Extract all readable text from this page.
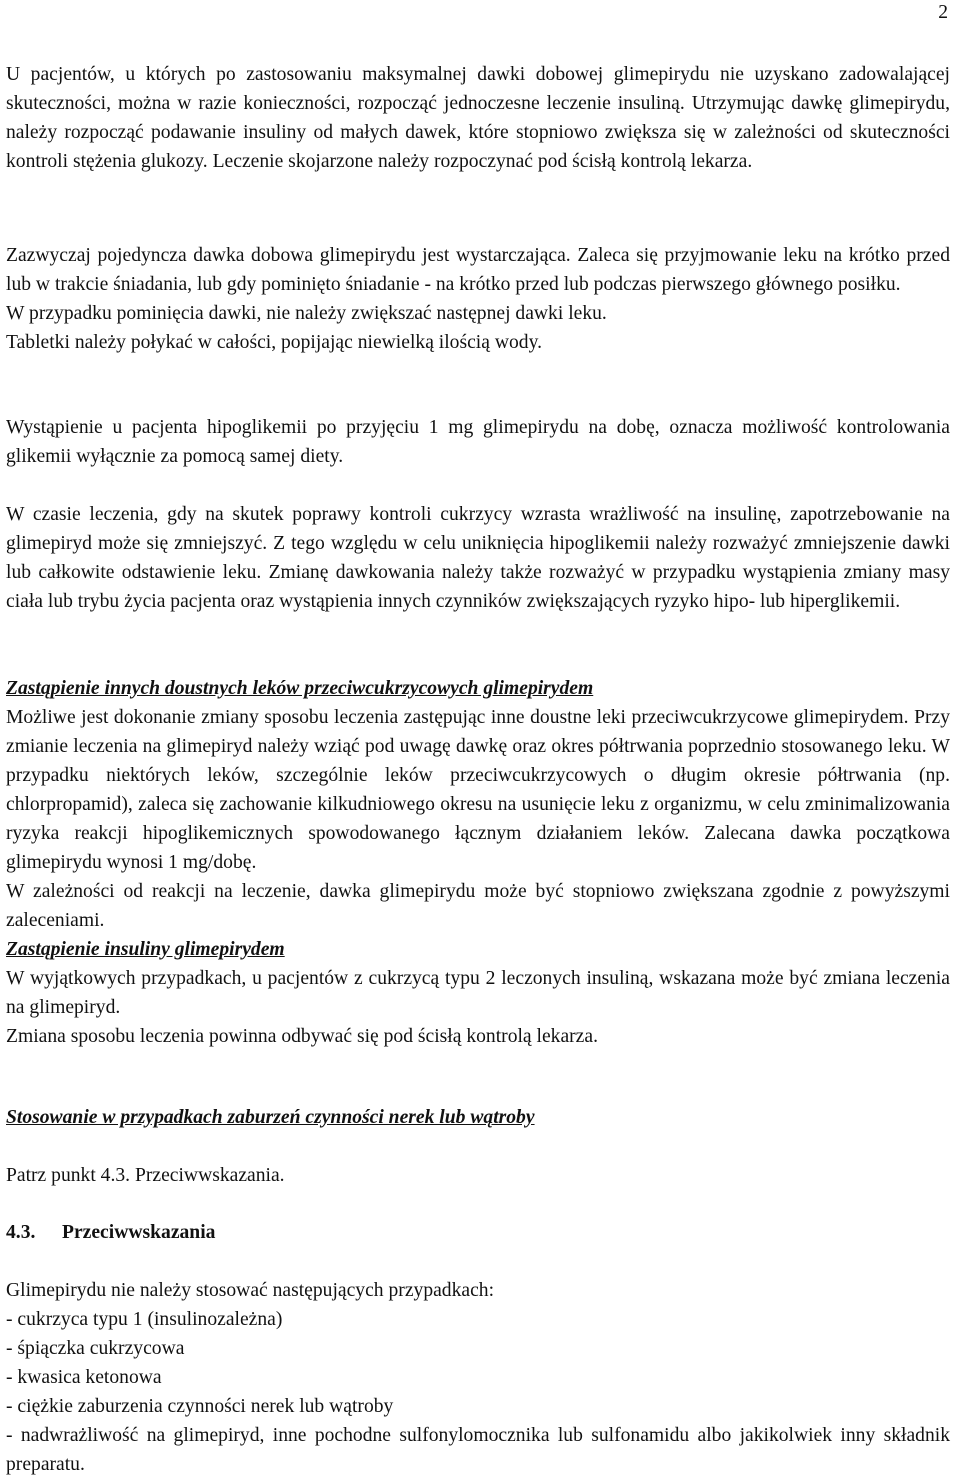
2

U pacjentów, u których po zastosowaniu maksymalnej dawki dobowej glimepirydu nie uzyskano zadowalającej skuteczności, można w razie konieczności, rozpocząć jednoczesne leczenie insuliną. Utrzymując dawkę glimepirydu, należy rozpocząć podawanie insuliny od małych dawek, które stopniowo zwiększa się w zależności od skuteczności kontroli stężenia glukozy. Leczenie skojarzone należy rozpoczynać pod ścisłą kontrolą lekarza.

Zazwyczaj pojedyncza dawka dobowa glimepirydu jest wystarczająca. Zaleca się przyjmowanie leku na krótko przed lub w trakcie śniadania, lub gdy pominięto śniadanie - na krótko przed lub podczas pierwszego głównego posiłku.

W przypadku pominięcia dawki, nie należy zwiększać następnej dawki leku.

Tabletki należy połykać w całości, popijając niewielką ilością wody.

Wystąpienie u pacjenta hipoglikemii po przyjęciu 1 mg glimepirydu na dobę, oznacza możliwość kontrolowania glikemii wyłącznie za pomocą samej diety.

W czasie leczenia, gdy na skutek poprawy kontroli cukrzycy wzrasta wrażliwość na insulinę, zapotrzebowanie na glimepiryd może się zmniejszyć. Z tego względu w celu uniknięcia hipoglikemii należy rozważyć zmniejszenie dawki lub całkowite odstawienie leku. Zmianę dawkowania należy także rozważyć w przypadku wystąpienia zmiany masy ciała lub trybu życia pacjenta oraz wystąpienia innych czynników zwiększających ryzyko hipo- lub hiperglikemii.

Zastąpienie innych doustnych leków przeciwcukrzycowych glimepirydem

Możliwe jest dokonanie zmiany sposobu leczenia zastępując inne doustne leki przeciwcukrzycowe glimepirydem. Przy zmianie leczenia na glimepiryd należy wziąć pod uwagę dawkę oraz okres półtrwania poprzednio stosowanego leku. W przypadku niektórych leków, szczególnie leków przeciwcukrzycowych o długim okresie półtrwania (np. chlorpropamid), zaleca się zachowanie kilkudniowego okresu na usunięcie leku z organizmu, w celu zminimalizowania ryzyka reakcji hipoglikemicznych spowodowanego łącznym działaniem leków. Zalecana dawka początkowa glimepirydu wynosi 1 mg/dobę.

W zależności od reakcji na leczenie, dawka glimepirydu może być stopniowo zwiększana zgodnie z powyższymi zaleceniami.

Zastąpienie insuliny glimepirydem

W wyjątkowych przypadkach, u pacjentów z cukrzycą typu 2 leczonych insuliną, wskazana może być zmiana leczenia na glimepiryd.

Zmiana sposobu leczenia powinna odbywać się pod ścisłą kontrolą lekarza.

Stosowanie w przypadkach zaburzeń czynności nerek lub wątroby

Patrz punkt 4.3. Przeciwwskazania.

4.3. Przeciwwskazania

Glimepirydu nie należy stosować następujących przypadkach:

- cukrzyca typu 1 (insulinozależna)
- śpiączka cukrzycowa
- kwasica ketonowa
- ciężkie zaburzenia czynności nerek lub wątroby
- nadwrażliwość na glimepiryd, inne pochodne sulfonylomocznika lub sulfonamidu albo jakikolwiek inny składnik preparatu.
